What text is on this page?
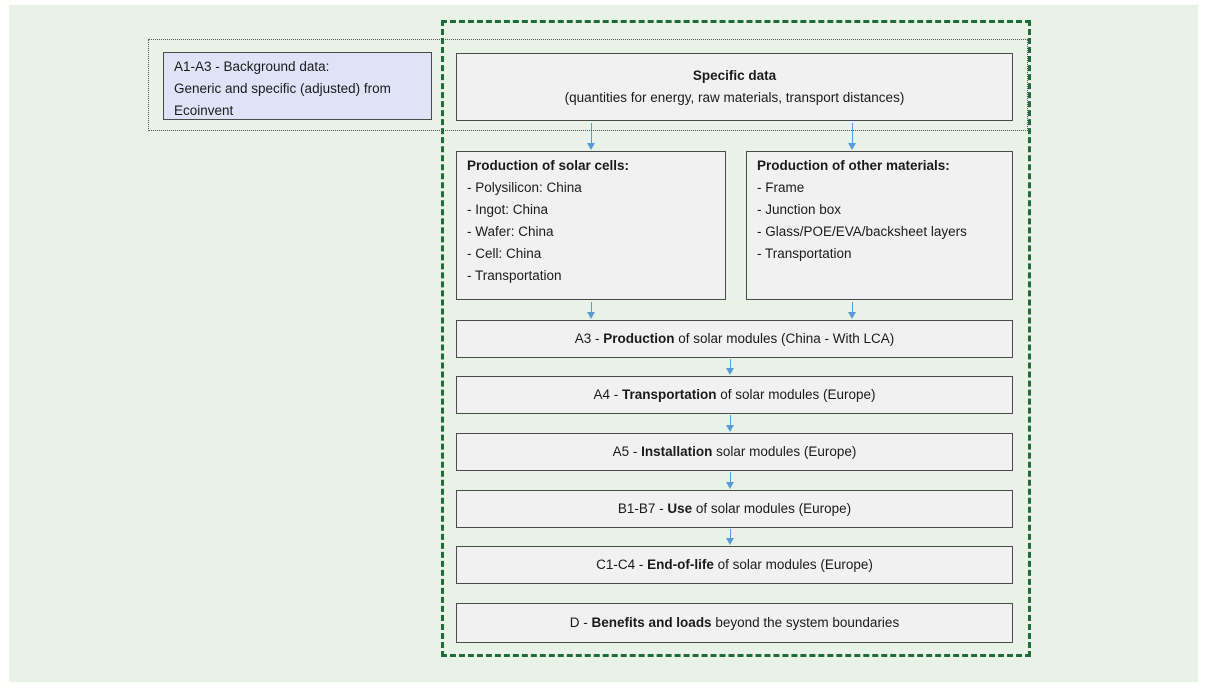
A1-A3 - Background data:
Generic and specific (adjusted) from
Ecoinvent
Specific data
(quantities for energy, raw materials, transport distances)
Production of solar cells:
- Polysilicon: China
- Ingot: China
- Wafer: China
- Cell: China
- Transportation
Production of other materials:
- Frame
- Junction box
- Glass/POE/EVA/backsheet layers
- Transportation
A3 - Production of solar modules (China - With LCA)
A4 - Transportation of solar modules (Europe)
A5 - Installation solar modules (Europe)
B1-B7 - Use of solar modules (Europe)
C1-C4 - End-of-life of solar modules (Europe)
D - Benefits and loads beyond the system boundaries
